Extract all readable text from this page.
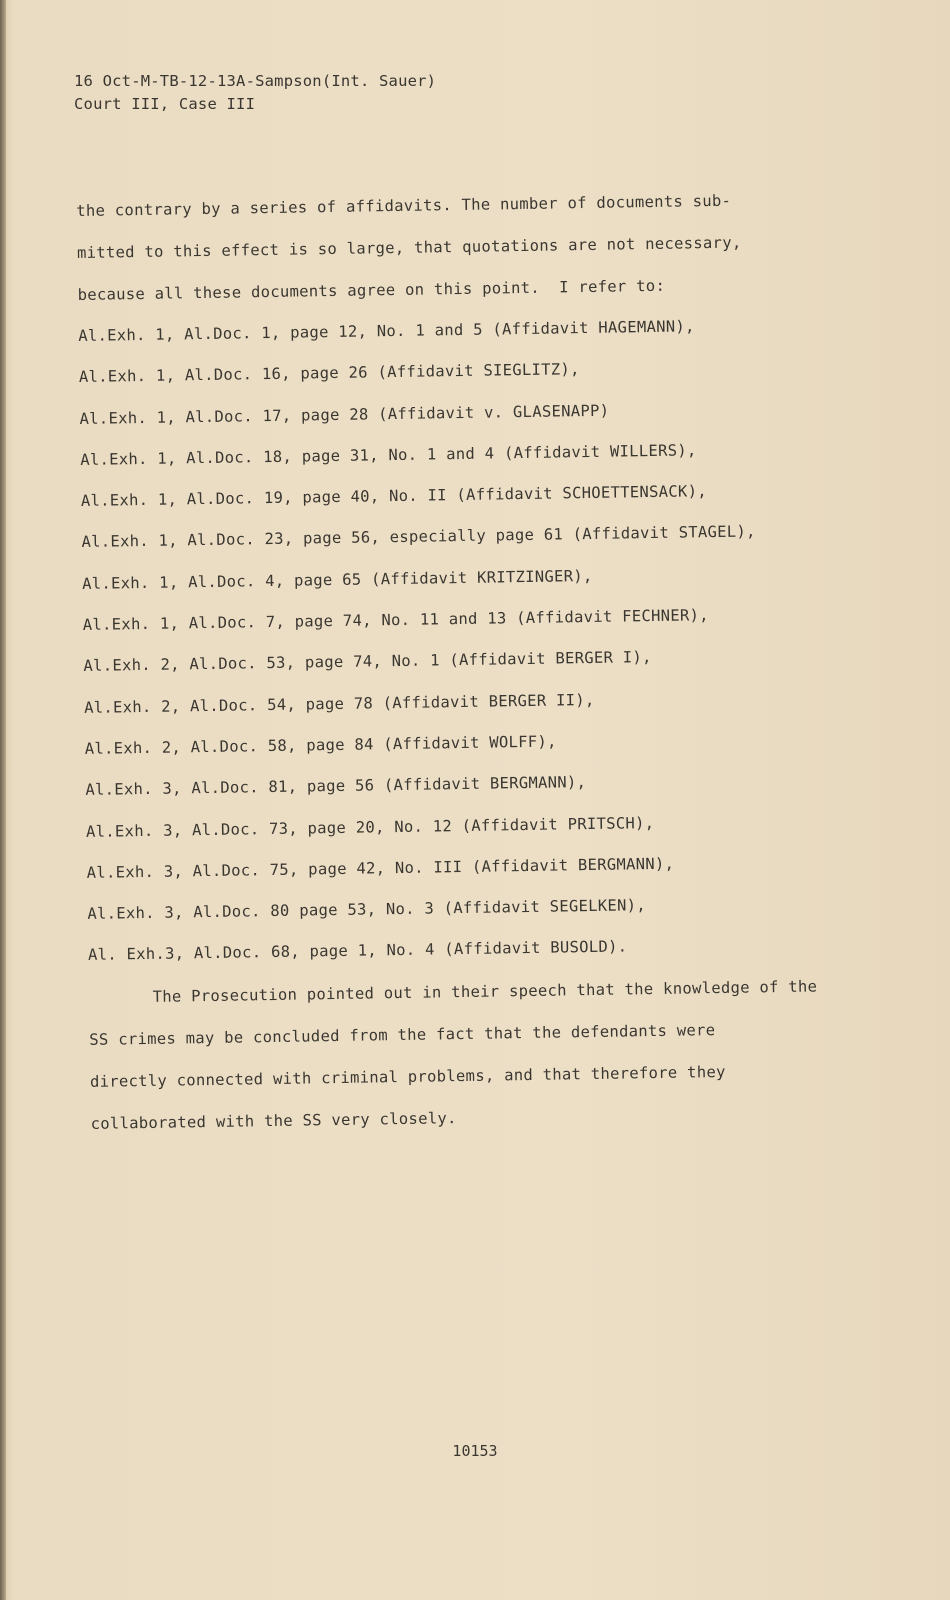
16 Oct-M-TB-12-13A-Sampson(Int. Sauer)
Court III, Case III
the contrary by a series of affidavits. The number of documents sub-
mitted to this effect is so large, that quotations are not necessary,
because all these documents agree on this point.  I refer to:
Al.Exh. 1, Al.Doc. 1, page 12, No. 1 and 5 (Affidavit HAGEMANN),
Al.Exh. 1, Al.Doc. 16, page 26 (Affidavit SIEGLITZ),
Al.Exh. 1, Al.Doc. 17, page 28 (Affidavit v. GLASENAPP)
Al.Exh. 1, Al.Doc. 18, page 31, No. 1 and 4 (Affidavit WILLERS),
Al.Exh. 1, Al.Doc. 19, page 40, No. II (Affidavit SCHOETTENSACK),
Al.Exh. 1, Al.Doc. 23, page 56, especially page 61 (Affidavit STAGEL),
Al.Exh. 1, Al.Doc. 4, page 65 (Affidavit KRITZINGER),
Al.Exh. 1, Al.Doc. 7, page 74, No. 11 and 13 (Affidavit FECHNER),
Al.Exh. 2, Al.Doc. 53, page 74, No. 1 (Affidavit BERGER I),
Al.Exh. 2, Al.Doc. 54, page 78 (Affidavit BERGER II),
Al.Exh. 2, Al.Doc. 58, page 84 (Affidavit WOLFF),
Al.Exh. 3, Al.Doc. 81, page 56 (Affidavit BERGMANN),
Al.Exh. 3, Al.Doc. 73, page 20, No. 12 (Affidavit PRITSCH),
Al.Exh. 3, Al.Doc. 75, page 42, No. III (Affidavit BERGMANN),
Al.Exh. 3, Al.Doc. 80 page 53, No. 3 (Affidavit SEGELKEN),
Al. Exh.3, Al.Doc. 68, page 1, No. 4 (Affidavit BUSOLD).
The Prosecution pointed out in their speech that the knowledge of the
SS crimes may be concluded from the fact that the defendants were
directly connected with criminal problems, and that therefore they
collaborated with the SS very closely.
10153
